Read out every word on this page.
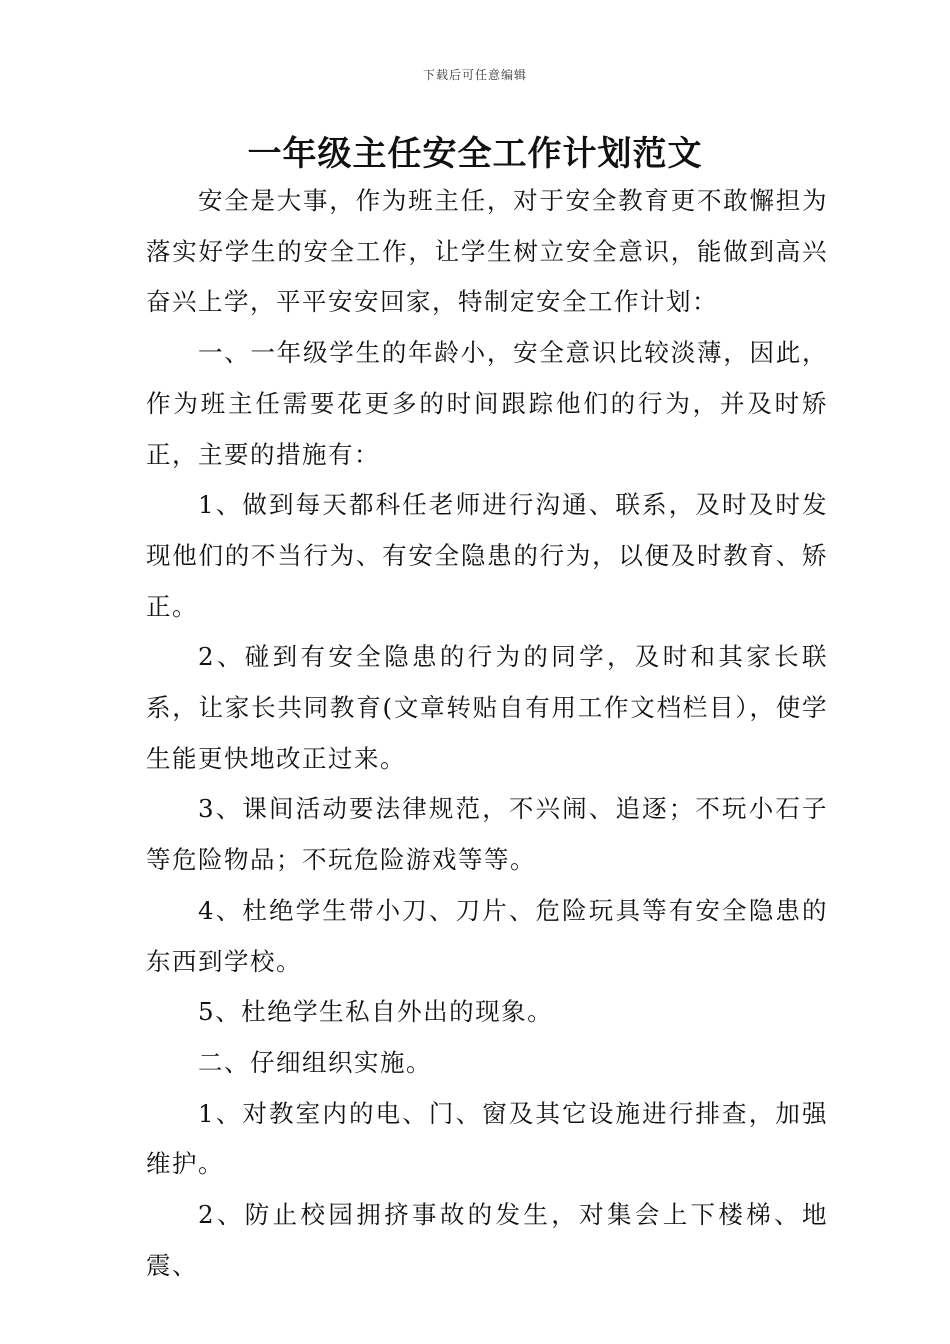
下载后可任意编辑
一年级主任安全工作计划范文

安全是大事，作为班主任，对于安全教育更不敢懈担为落实好学生的安全工作，让学生树立安全意识，能做到高兴奋兴上学，平平安安回家，特制定安全工作计划：

一、一年级学生的年龄小，安全意识比较淡薄，因此，作为班主任需要花更多的时间跟踪他们的行为，并及时矫正，主要的措施有：

1、做到每天都科任老师进行沟通、联系，及时及时发现他们的不当行为、有安全隐患的行为，以便及时教育、矫正。

2、碰到有安全隐患的行为的同学，及时和其家长联系，让家长共同教育(文章转贴自有用工作文档栏目），使学生能更快地改正过来。

3、课间活动要法律规范，不兴闹、追逐；不玩小石子等危险物品；不玩危险游戏等等。

4、杜绝学生带小刀、刀片、危险玩具等有安全隐患的东西到学校。

5、杜绝学生私自外出的现象。

二、仔细组织实施。

1、对教室内的电、门、窗及其它设施进行排查，加强维护。

2、防止校园拥挤事故的发生，对集会上下楼梯、地震、
